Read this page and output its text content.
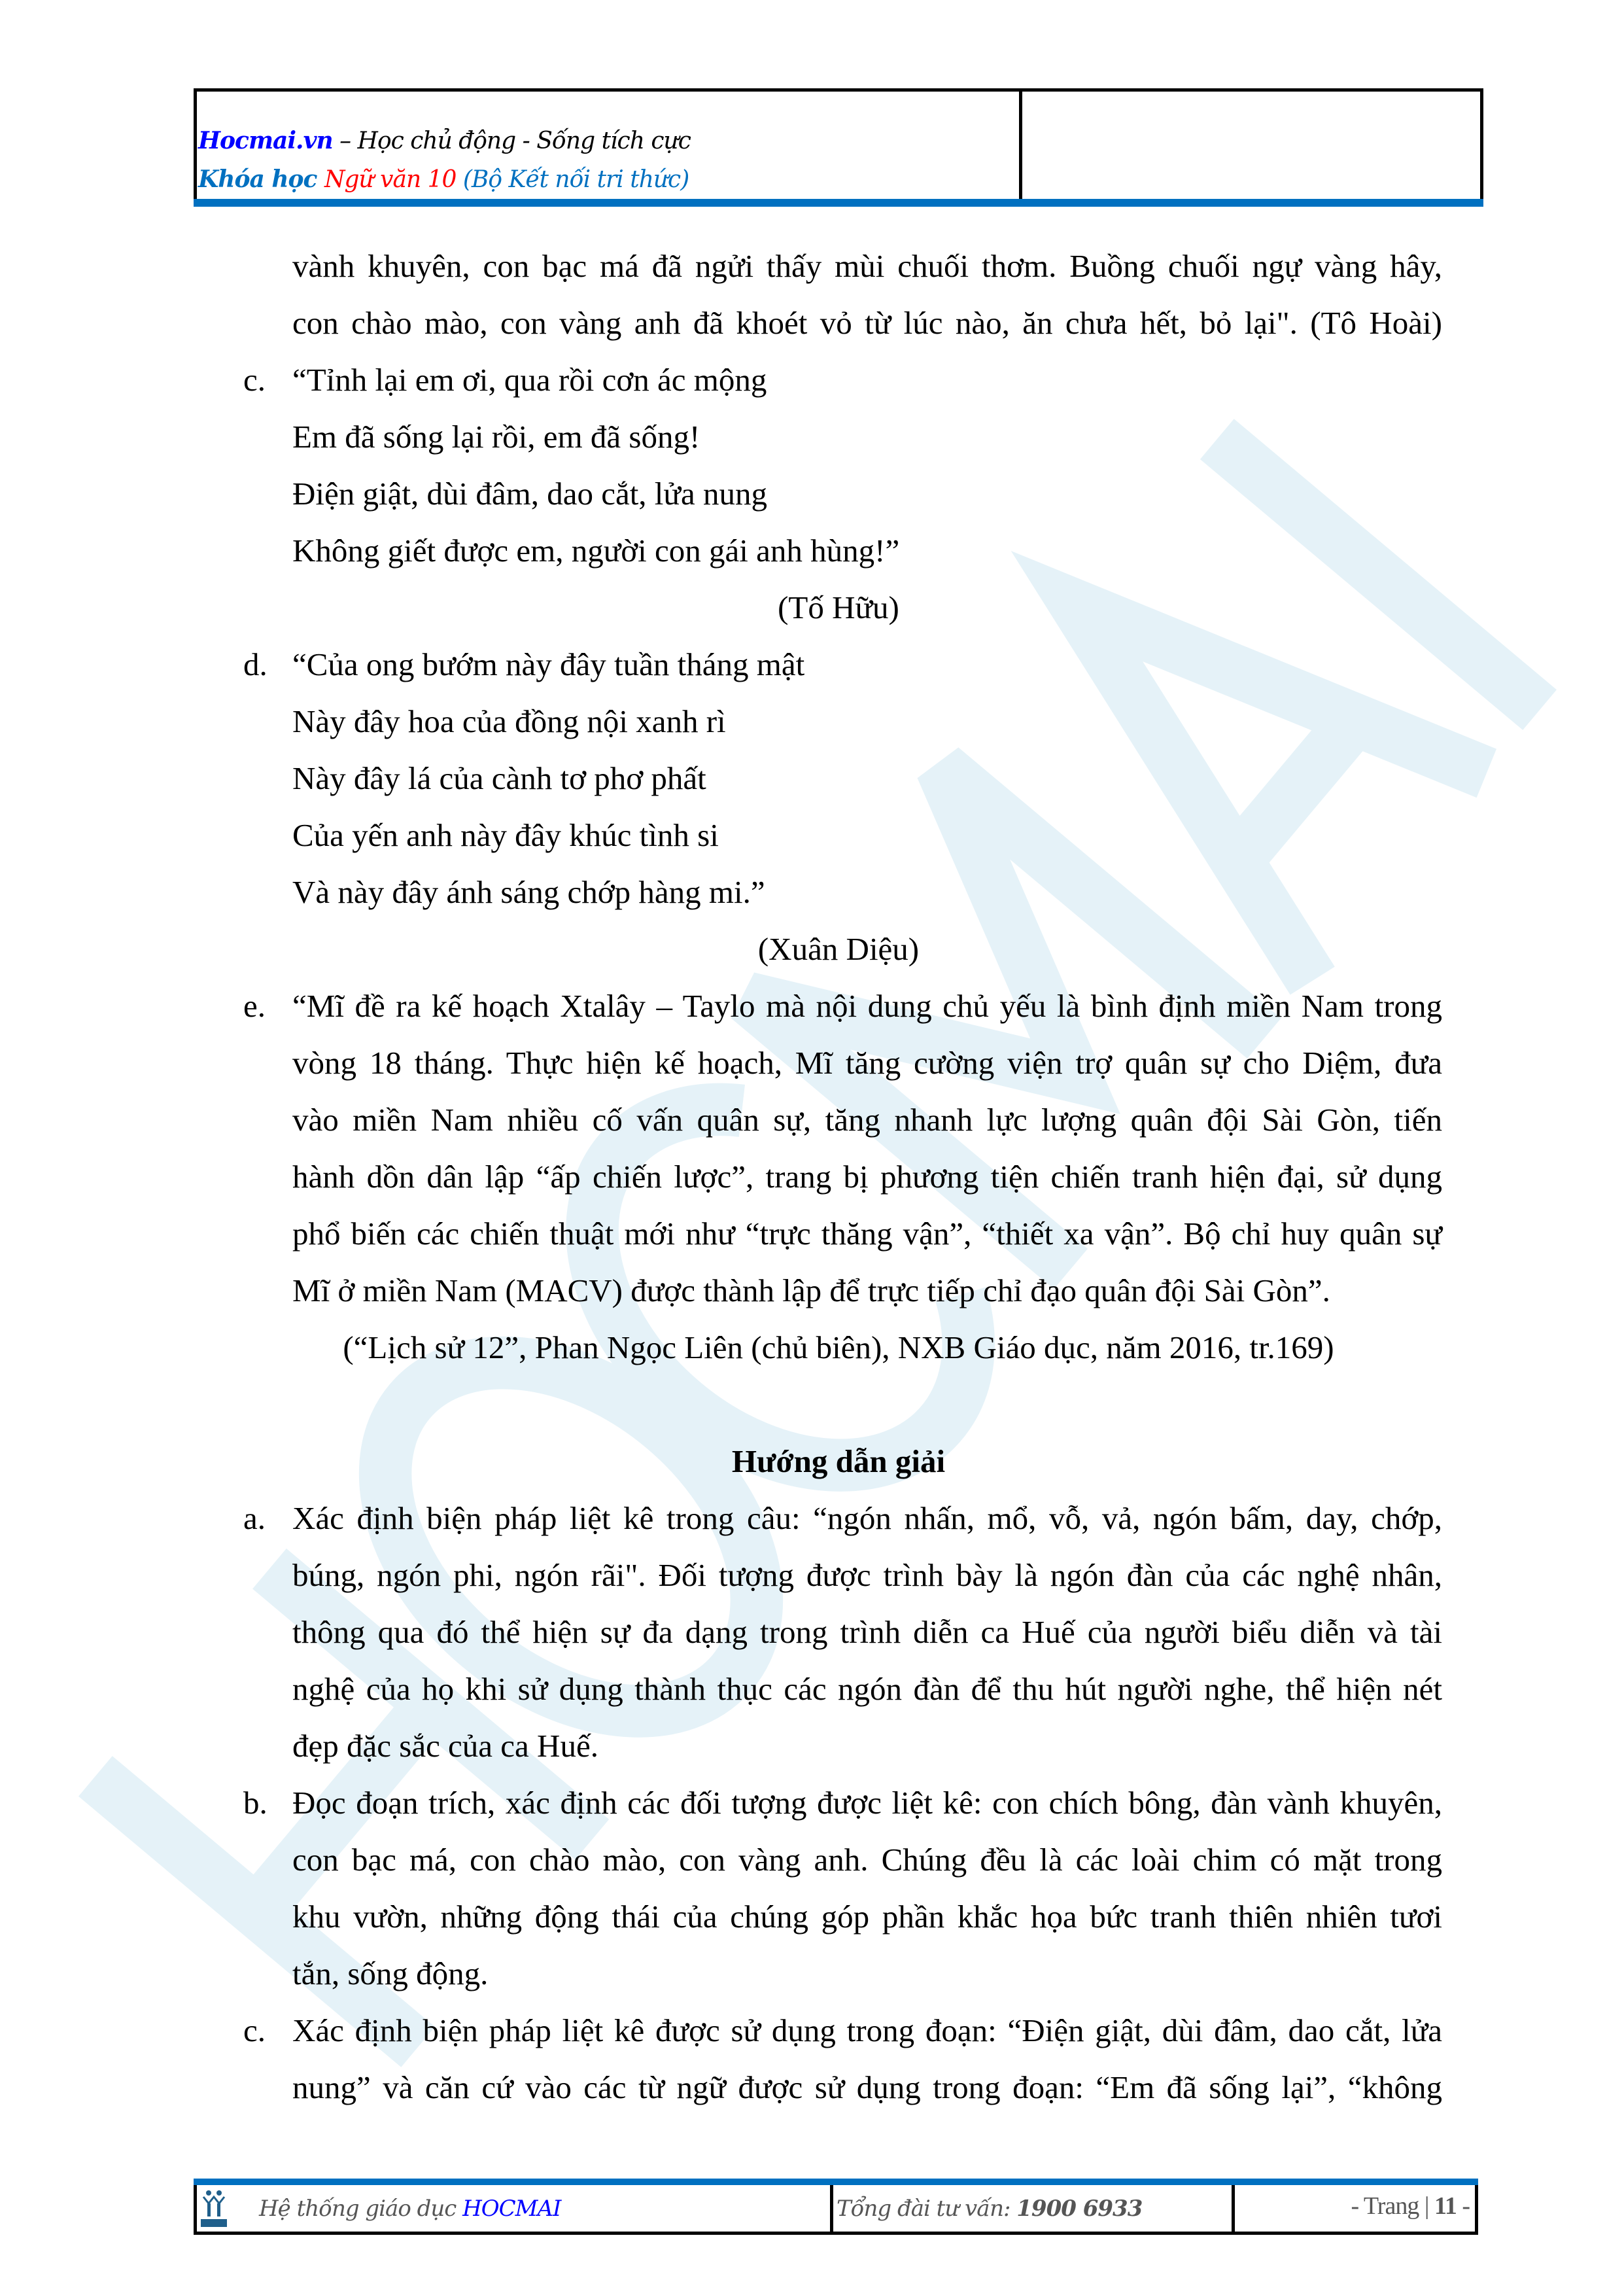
Hocmai.vn – Học chủ động - Sống tích cực
Khóa học Ngữ văn 10 (Bộ Kết nối tri thức)
vành khuyên, con bạc má đã ngửi thấy mùi chuối thơm. Buồng chuối ngự vàng hây,
con chào mào, con vàng anh đã khoét vỏ từ lúc nào, ăn chưa hết, bỏ lại". (Tô Hoài)
c. “Tỉnh lại em ơi, qua rồi cơn ác mộng
Em đã sống lại rồi, em đã sống!
Điện giật, dùi đâm, dao cắt, lửa nung
Không giết được em, người con gái anh hùng!”
(Tố Hữu)
d. “Của ong bướm này đây tuần tháng mật
Này đây hoa của đồng nội xanh rì
Này đây lá của cành tơ phơ phất
Của yến anh này đây khúc tình si
Và này đây ánh sáng chớp hàng mi.”
(Xuân Diệu)
e. “Mĩ đề ra kế hoạch Xtalây – Taylo mà nội dung chủ yếu là bình định miền Nam trong
vòng 18 tháng. Thực hiện kế hoạch, Mĩ tăng cường viện trợ quân sự cho Diệm, đưa
vào miền Nam nhiều cố vấn quân sự, tăng nhanh lực lượng quân đội Sài Gòn, tiến
hành dồn dân lập “ấp chiến lược”, trang bị phương tiện chiến tranh hiện đại, sử dụng
phổ biến các chiến thuật mới như “trực thăng vận”, “thiết xa vận”. Bộ chỉ huy quân sự
Mĩ ở miền Nam (MACV) được thành lập để trực tiếp chỉ đạo quân đội Sài Gòn”.
(“Lịch sử 12”, Phan Ngọc Liên (chủ biên), NXB Giáo dục, năm 2016, tr.169)
Hướng dẫn giải
a. Xác định biện pháp liệt kê trong câu: “ngón nhấn, mổ, vỗ, vả, ngón bấm, day, chớp,
búng, ngón phi, ngón rãi". Đối tượng được trình bày là ngón đàn của các nghệ nhân,
thông qua đó thể hiện sự đa dạng trong trình diễn ca Huế của người biểu diễn và tài
nghệ của họ khi sử dụng thành thục các ngón đàn để thu hút người nghe, thể hiện nét
đẹp đặc sắc của ca Huế.
b. Đọc đoạn trích, xác định các đối tượng được liệt kê: con chích bông, đàn vành khuyên,
con bạc má, con chào mào, con vàng anh. Chúng đều là các loài chim có mặt trong
khu vườn, những động thái của chúng góp phần khắc họa bức tranh thiên nhiên tươi
tắn, sống động.
c. Xác định biện pháp liệt kê được sử dụng trong đoạn: “Điện giật, dùi đâm, dao cắt, lửa
nung” và căn cứ vào các từ ngữ được sử dụng trong đoạn: “Em đã sống lại”, “không
Hệ thống giáo dục HOCMAI	Tổng đài tư vấn: 1900 6933	- Trang | 11 -
